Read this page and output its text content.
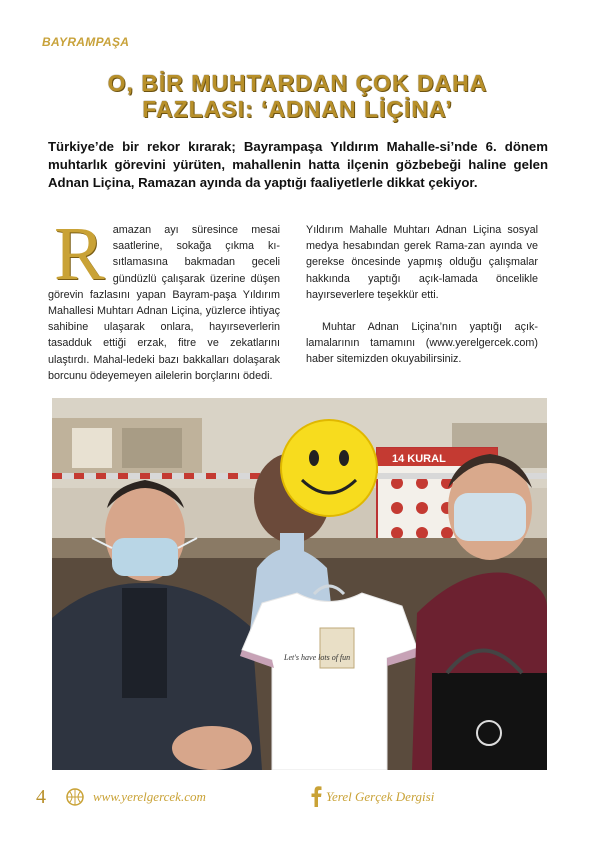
BAYRAMPAŞA
O, BİR MUHTARDAN ÇOK DAHA
FAZLASI: ‘ADNAN LİÇİNA’
Türkiye’de bir rekor kırarak; Bayrampaşa Yıldırım Mahalle-si’nde 6. dönem muhtarlık görevini yürüten, mahallenin hatta ilçenin gözbebeği haline gelen Adnan Liçina, Ramazan ayında da yaptığı faaliyetlerle dikkat çekiyor.
R amazan ayı süresince mesai saatlerine, sokağa çıkma kı-sıtlamasına bakmadan geceli gündüzlü çalışarak üzerine düşen görevin fazlasını yapan Bayram-paşa Yıldırım Mahallesi Muhtarı Adnan Liçina, yüzlerce ihtiyaç sahibine ulaşarak onlara, hayırseverlerin tasadduk ettiği erzak, fitre ve zekatlarını ulaştırdı. Mahal-ledeki bazı bakkalları dolaşarak borcunu ödeyemeyen ailelerin borçlarını ödedi.

Yıldırım Mahalle Muhtarı Adnan Liçina sosyal medya hesabından gerek Rama-zan ayında ve gerekse öncesinde yapmış olduğu çalışmalar hakkında yaptığı açık-lamada öncelikle hayırseverlere teşekkür etti.

Muhtar Adnan Liçina’nın yaptığı açık-lamalarının tamamını (www.yerelgercek.com) haber sitemizden okuyabilirsiniz.

14 KURAL
Let's have lots of fun
4	www.yerelgercek.com	Yerel Gerçek Dergisi
